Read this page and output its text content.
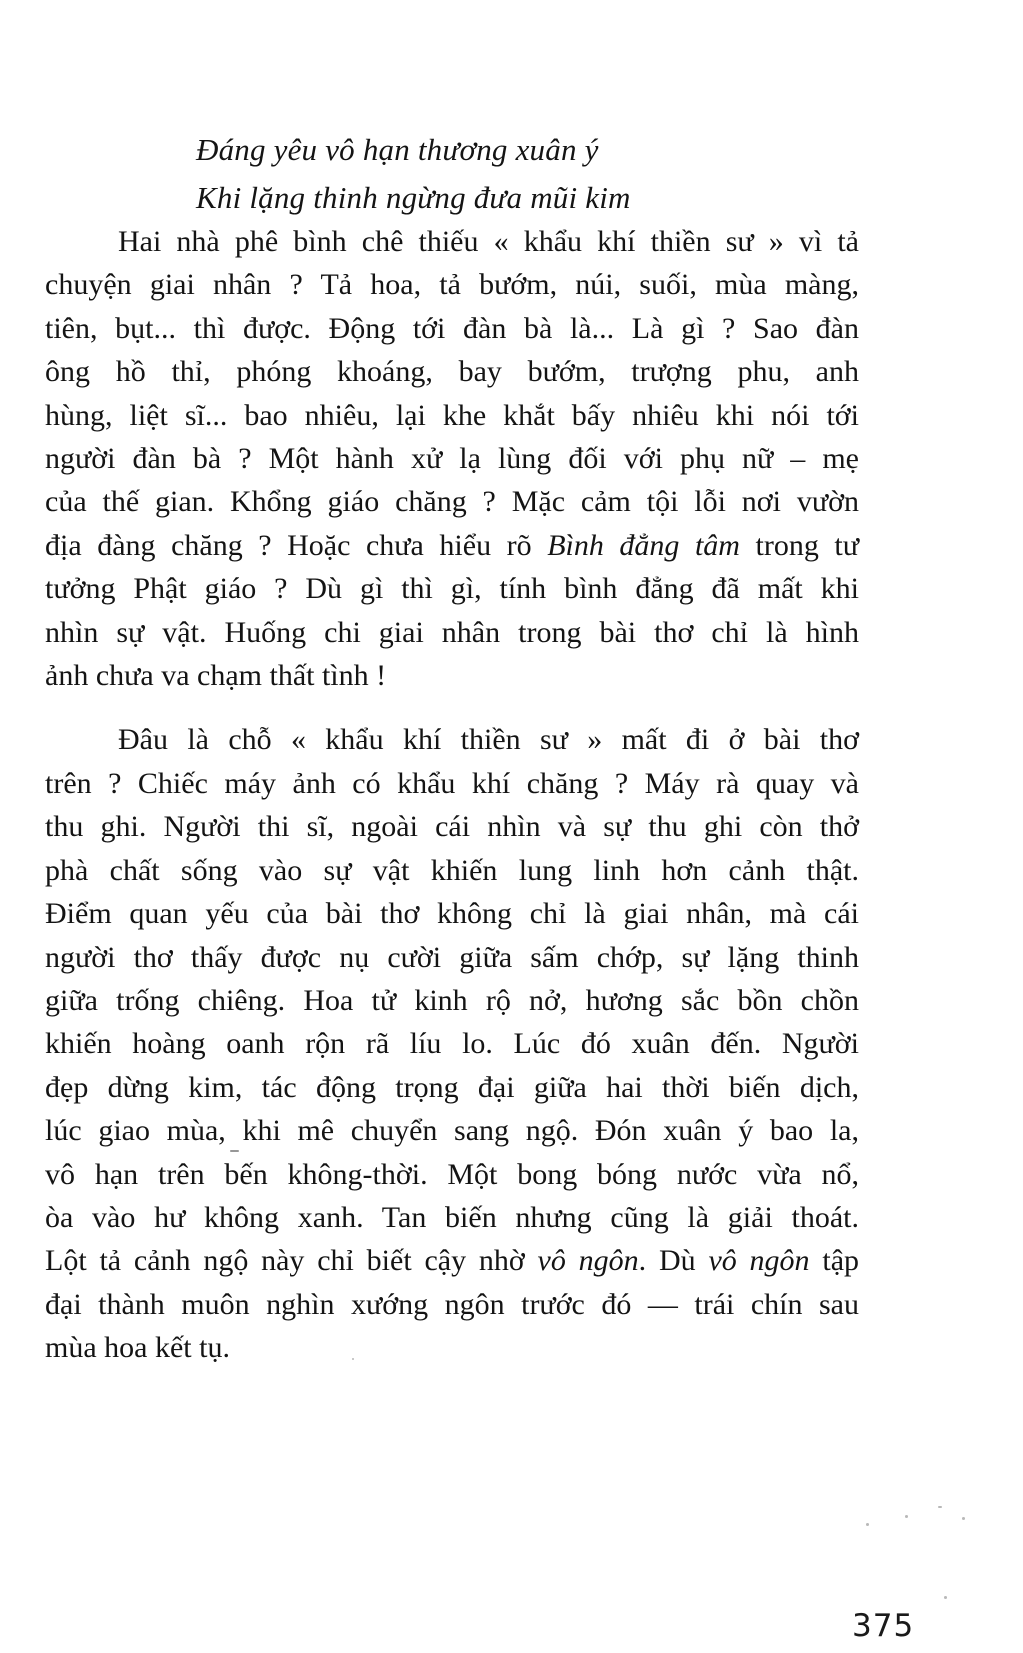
Đáng yêu vô hạn thương xuân ý
Khi lặng thinh ngừng đưa mũi kim
Hai nhà phê bình chê thiếu « khẩu khí thiền sư » vì tả
chuyện giai nhân ? Tả hoa, tả bướm, núi, suối, mùa màng,
tiên, bụt... thì được. Động tới đàn bà là... Là gì ? Sao đàn
ông hồ thỉ, phóng khoáng, bay bướm, trượng phu, anh
hùng, liệt sĩ... bao nhiêu, lại khe khắt bấy nhiêu khi nói tới
người đàn bà ? Một hành xử lạ lùng đối với phụ nữ – mẹ
của thế gian. Khổng giáo chăng ? Mặc cảm tội lỗi nơi vườn
địa đàng chăng ? Hoặc chưa hiểu rõ Bình đẳng tâm trong tư
tưởng Phật giáo ? Dù gì thì gì, tính bình đẳng đã mất khi
nhìn sự vật. Huống chi giai nhân trong bài thơ chỉ là hình
ảnh chưa va chạm thất tình !
Đâu là chỗ « khẩu khí thiền sư » mất đi ở bài thơ
trên ? Chiếc máy ảnh có khẩu khí chăng ? Máy rà quay và
thu ghi. Người thi sĩ, ngoài cái nhìn và sự thu ghi còn thở
phà chất sống vào sự vật khiến lung linh hơn cảnh thật.
Điểm quan yếu của bài thơ không chỉ là giai nhân, mà cái
người thơ thấy được nụ cười giữa sấm chớp, sự lặng thinh
giữa trống chiêng. Hoa tử kinh rộ nở, hương sắc bồn chồn
khiến hoàng oanh rộn rã líu lo. Lúc đó xuân đến. Người
đẹp dừng kim, tác động trọng đại giữa hai thời biến dịch,
lúc giao mùa, khi mê chuyển sang ngộ. Đón xuân ý bao la,
vô hạn trên bến không-thời. Một bong bóng nước vừa nổ,
òa vào hư không xanh. Tan biến nhưng cũng là giải thoát.
Lột tả cảnh ngộ này chỉ biết cậy nhờ vô ngôn. Dù vô ngôn tập
đại thành muôn nghìn xướng ngôn trước đó — trái chín sau
mùa hoa kết tụ.
375
